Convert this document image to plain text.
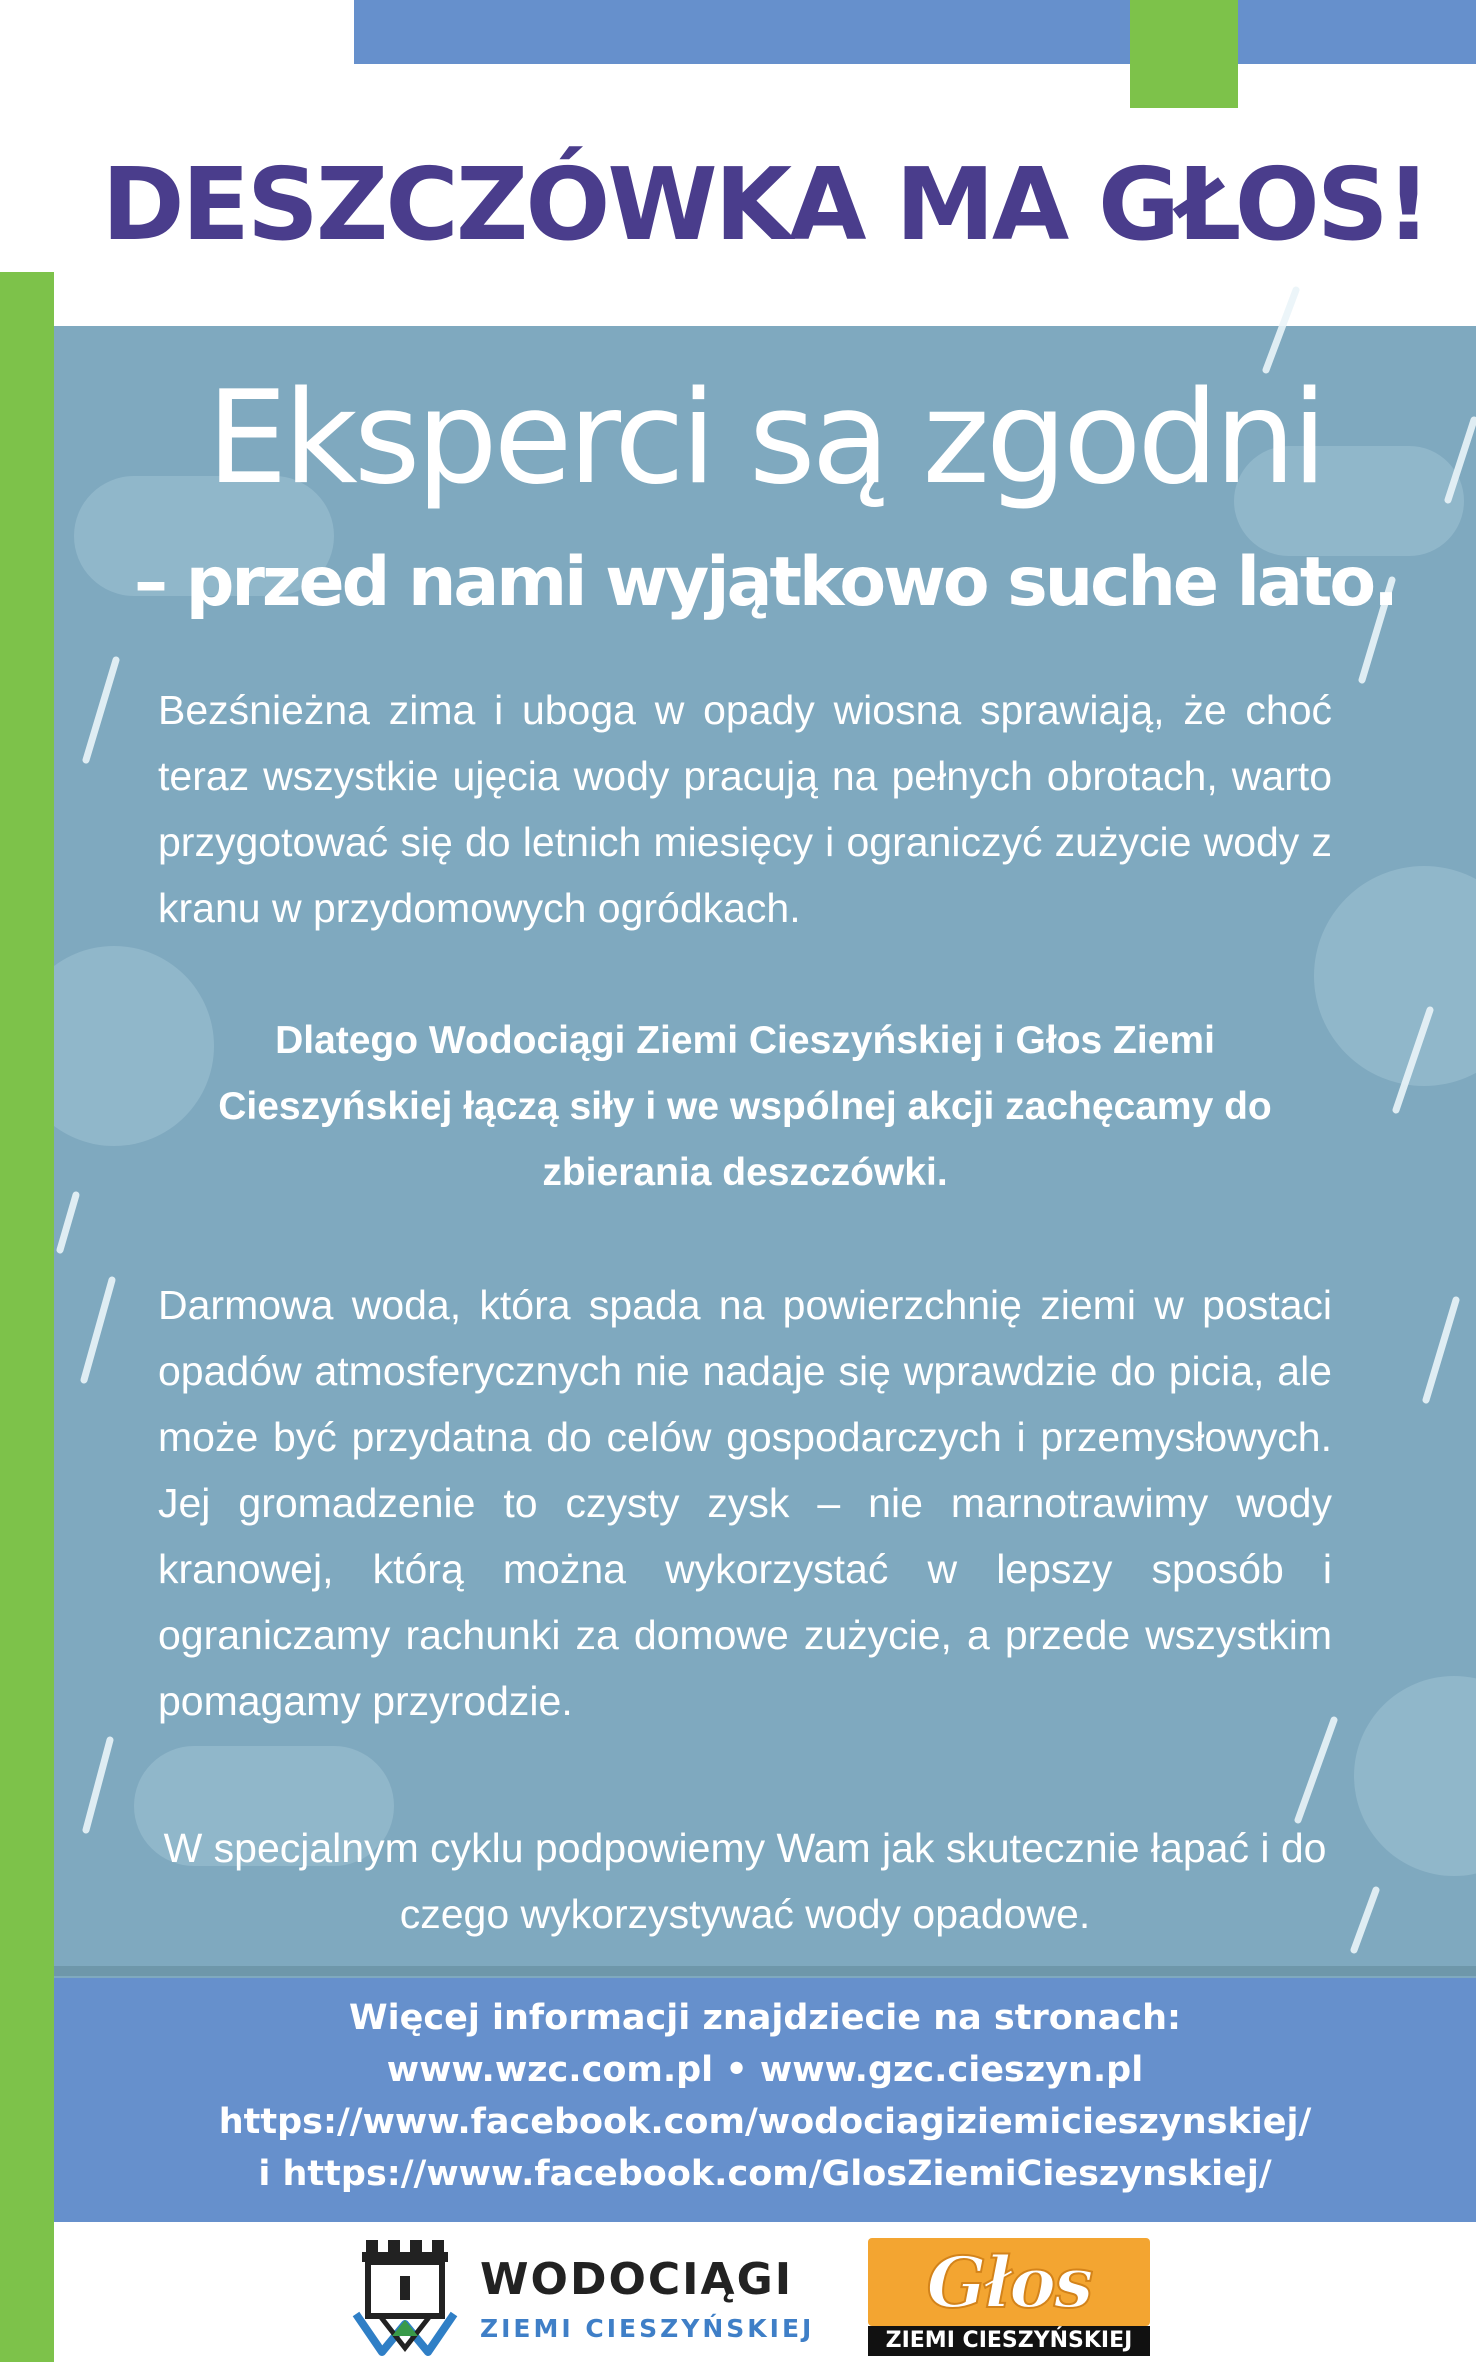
DESZCZÓWKA MA GŁOS!
Eksperci są zgodni
– przed nami wyjątkowo suche lato.

Bezśnieżna zima i uboga w opady wiosna sprawiają, że choć teraz wszystkie ujęcia wody pracują na pełnych obrotach, warto przygotować się do letnich miesięcy i ograniczyć zużycie wody z kranu w przydomowych ogródkach.

Dlatego Wodociągi Ziemi Cieszyńskiej i Głos Ziemi Cieszyńskiej łączą siły i we wspólnej akcji zachęcamy do zbierania deszczówki.

Darmowa woda, która spada na powierzchnię ziemi w postaci opadów atmosferycznych nie nadaje się wprawdzie do picia, ale może być przydatna do celów gospodarczych i przemysłowych. Jej gromadzenie to czysty zysk – nie marnotrawimy wody kranowej, którą można wykorzystać w lepszy sposób i ograniczamy rachunki za domowe zużycie, a przede wszystkim pomagamy przyrodzie.

W specjalnym cyklu podpowiemy Wam jak skutecznie łapać i do czego wykorzystywać wody opadowe.

Więcej informacji znajdziecie na stronach:
www.wzc.com.pl • www.gzc.cieszyn.pl
https://www.facebook.com/wodociagiziemicieszynskiej/
i https://www.facebook.com/GlosZiemiCieszynskiej/
WODOCIĄGI
ZIEMI CIESZYŃSKIEJ
Głos
ZIEMI CIESZYŃSKIEJ
